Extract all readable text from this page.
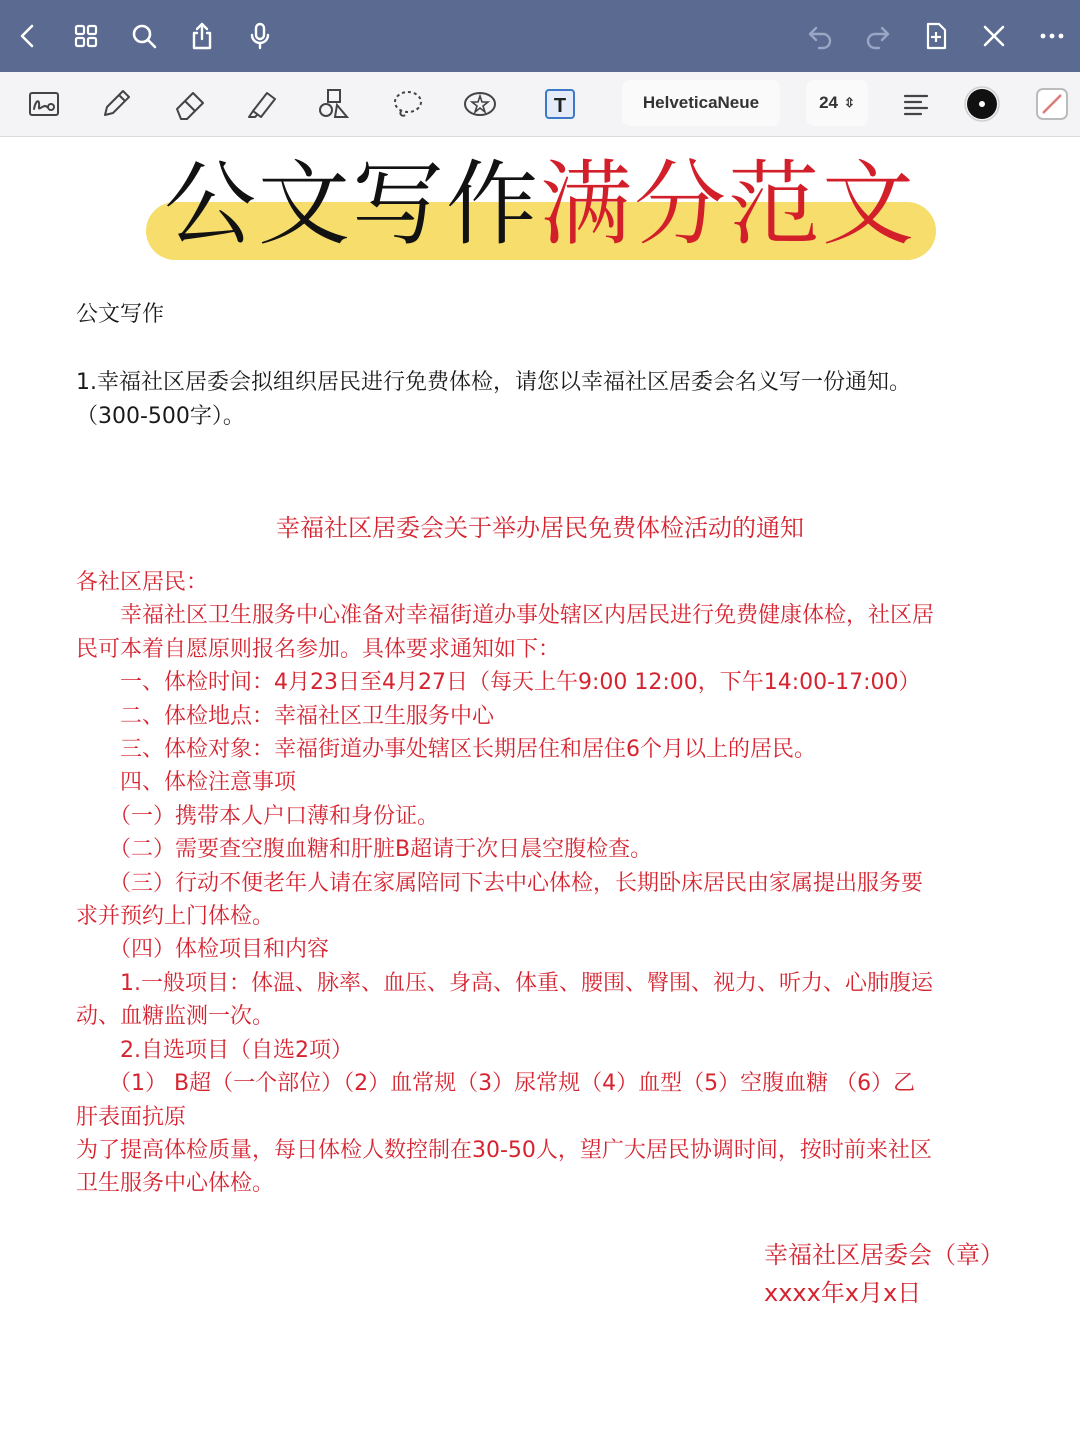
T	HelveticaNeue	24 ⇳
公文写作满分范文
公文写作
1.幸福社区居委会拟组织居民进行免费体检，请您以幸福社区居委会名义写一份通知。
（300-500字）。
幸福社区居委会关于举办居民免费体检活动的通知

各社区居民：

　　幸福社区卫生服务中心准备对幸福街道办事处辖区内居民进行免费健康体检，社区居

民可本着自愿原则报名参加。具体要求通知如下：

　　一、体检时间：4月23日至4月27日（每天上午9:00 12:00，下午14:00-17:00）

　　二、体检地点：幸福社区卫生服务中心

　　三、体检对象：幸福街道办事处辖区长期居住和居住6个月以上的居民。

　　四、体检注意事项

　　（一）携带本人户口薄和身份证。

　　（二）需要查空腹血糖和肝脏B超请于次日晨空腹检查。

　　（三）行动不便老年人请在家属陪同下去中心体检，长期卧床居民由家属提出服务要

求并预约上门体检。

　　（四）体检项目和内容

　　1.一般项目：体温、脉率、血压、身高、体重、腰围、臀围、视力、听力、心肺腹运

动、血糖监测一次。

　　2.自选项目（自选2项）

　　（1） B超（一个部位）（2）血常规（3）尿常规（4）血型（5）空腹血糖 （6）乙

肝表面抗原

为了提高体检质量，每日体检人数控制在30-50人，望广大居民协调时间，按时前来社区

卫生服务中心体检。

幸福社区居委会（章）
xxxx年x月x日
